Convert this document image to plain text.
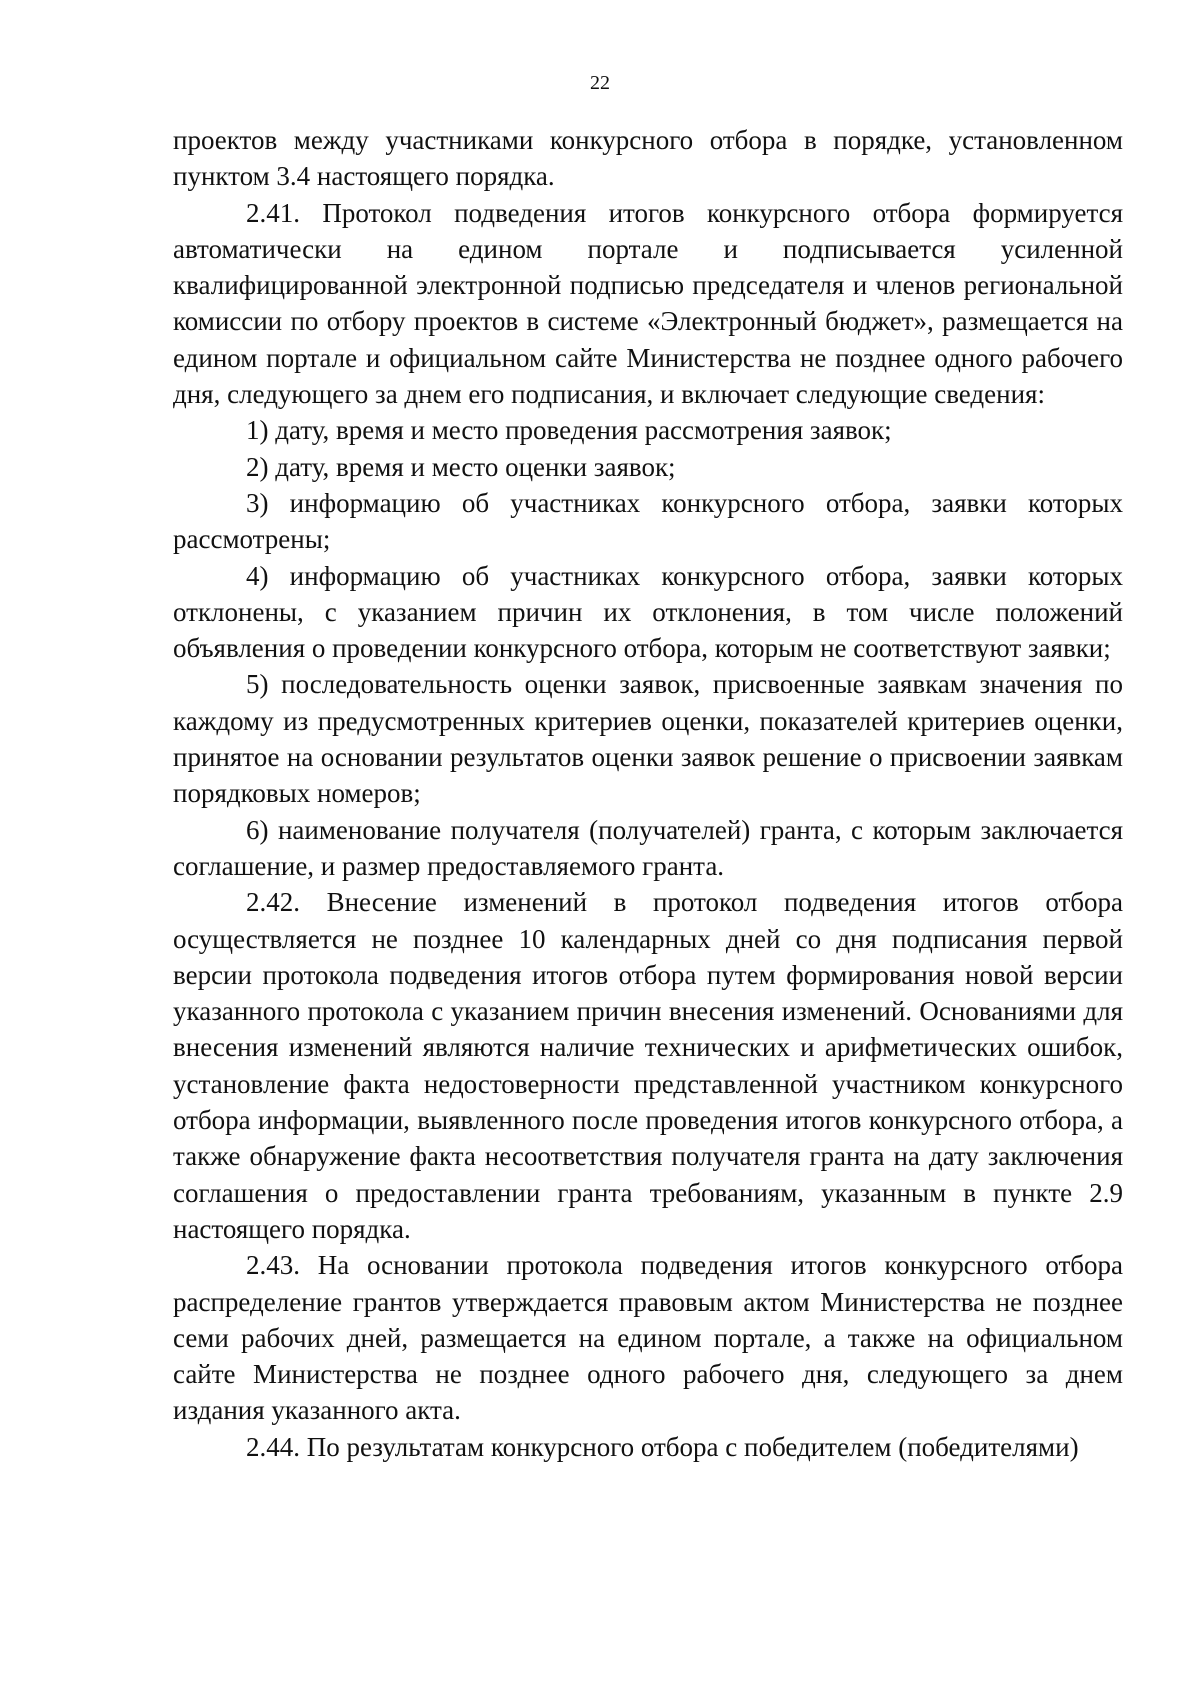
22

проектов между участниками конкурсного отбора в порядке, установленном пунктом 3.4 настоящего порядка.

2.41. Протокол подведения итогов конкурсного отбора формируется автоматически на едином портале и подписывается усиленной квалифицированной электронной подписью председателя и членов региональной комиссии по отбору проектов в системе «Электронный бюджет», размещается на едином портале и официальном сайте Министерства не позднее одного рабочего дня, следующего за днем его подписания, и включает следующие сведения:

1) дату, время и место проведения рассмотрения заявок;

2) дату, время и место оценки заявок;

3) информацию об участниках конкурсного отбора, заявки которых рассмотрены;

4) информацию об участниках конкурсного отбора, заявки которых отклонены, с указанием причин их отклонения, в том числе положений объявления о проведении конкурсного отбора, которым не соответствуют заявки;

5) последовательность оценки заявок, присвоенные заявкам значения по каждому из предусмотренных критериев оценки, показателей критериев оценки, принятое на основании результатов оценки заявок решение о присвоении заявкам порядковых номеров;

6) наименование получателя (получателей) гранта, с которым заключается соглашение, и размер предоставляемого гранта.

2.42. Внесение изменений в протокол подведения итогов отбора осуществляется не позднее 10 календарных дней со дня подписания первой версии протокола подведения итогов отбора путем формирования новой версии указанного протокола с указанием причин внесения изменений. Основаниями для внесения изменений являются наличие технических и арифметических ошибок, установление факта недостоверности представленной участником конкурсного отбора информации, выявленного после проведения итогов конкурсного отбора, а также обнаружение факта несоответствия получателя гранта на дату заключения соглашения о предоставлении гранта требованиям, указанным в пункте 2.9 настоящего порядка.

2.43. На основании протокола подведения итогов конкурсного отбора распределение грантов утверждается правовым актом Министерства не позднее семи рабочих дней, размещается на едином портале, а также на официальном сайте Министерства не позднее одного рабочего дня, следующего за днем издания указанного акта.

2.44. По результатам конкурсного отбора с победителем (победителями)
